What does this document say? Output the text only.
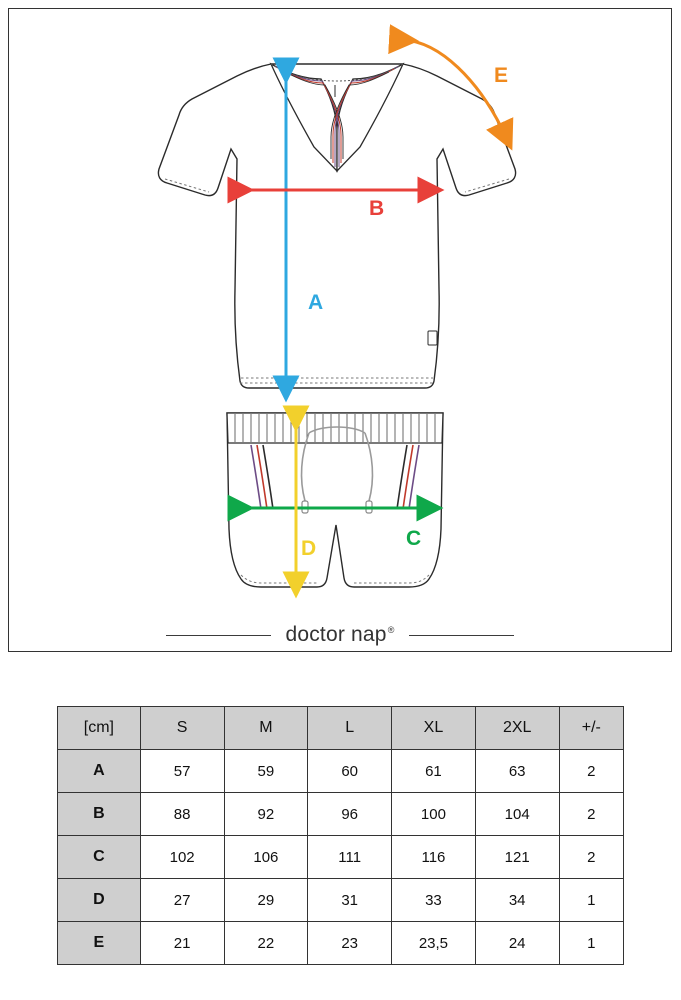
A
B
E
C
D
doctor nap®
[cm]	S	M	L	XL	2XL	+/-
A	57	59	60	61	63	2
B	88	92	96	100	104	2
C	102	106	111	116	121	2
D	27	29	31	33	34	1
E	21	22	23	23,5	24	1
